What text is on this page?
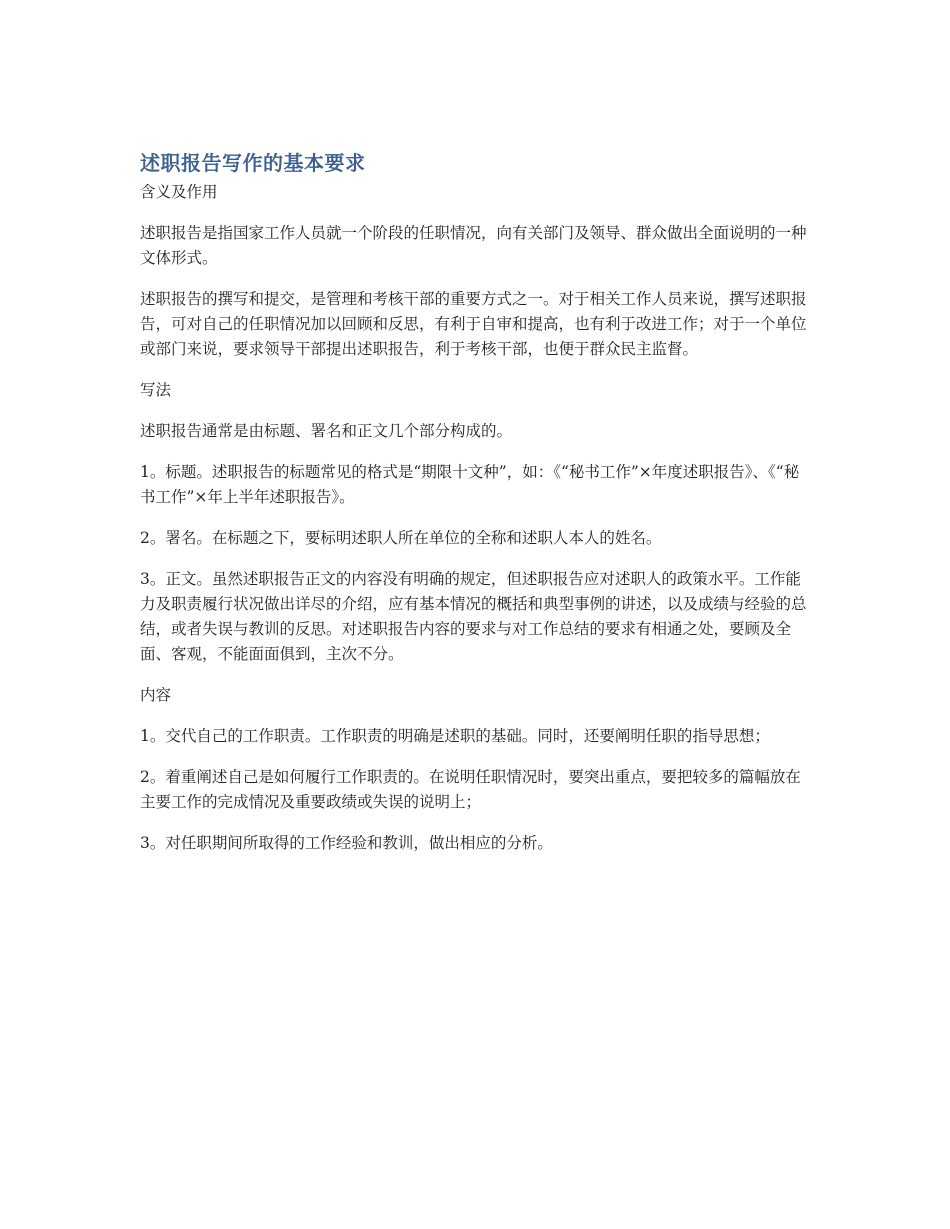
述职报告写作的基本要求

含义及作用

述职报告是指国家工作人员就一个阶段的任职情况，向有关部门及领导、群众做出全面说明的一种文体形式。

述职报告的撰写和提交，是管理和考核干部的重要方式之一。对于相关工作人员来说，撰写述职报告，可对自己的任职情况加以回顾和反思，有利于自审和提高，也有利于改进工作；对于一个单位或部门来说，要求领导干部提出述职报告，利于考核干部，也便于群众民主监督。

写法

述职报告通常是由标题、署名和正文几个部分构成的。

1。标题。述职报告的标题常见的格式是“期限十文种”，如：《“秘书工作”×年度述职报告》、《“秘书工作”×年上半年述职报告》。

2。署名。在标题之下，要标明述职人所在单位的全称和述职人本人的姓名。

3。正文。虽然述职报告正文的内容没有明确的规定，但述职报告应对述职人的政策水平。工作能力及职责履行状况做出详尽的介绍，应有基本情况的概括和典型事例的讲述，以及成绩与经验的总结，或者失误与教训的反思。对述职报告内容的要求与对工作总结的要求有相通之处，要顾及全面、客观，不能面面俱到，主次不分。

内容

1。交代自己的工作职责。工作职责的明确是述职的基础。同时，还要阐明任职的指导思想；

2。着重阐述自己是如何履行工作职责的。在说明任职情况时，要突出重点，要把较多的篇幅放在主要工作的完成情况及重要政绩或失误的说明上；

3。对任职期间所取得的工作经验和教训，做出相应的分析。
